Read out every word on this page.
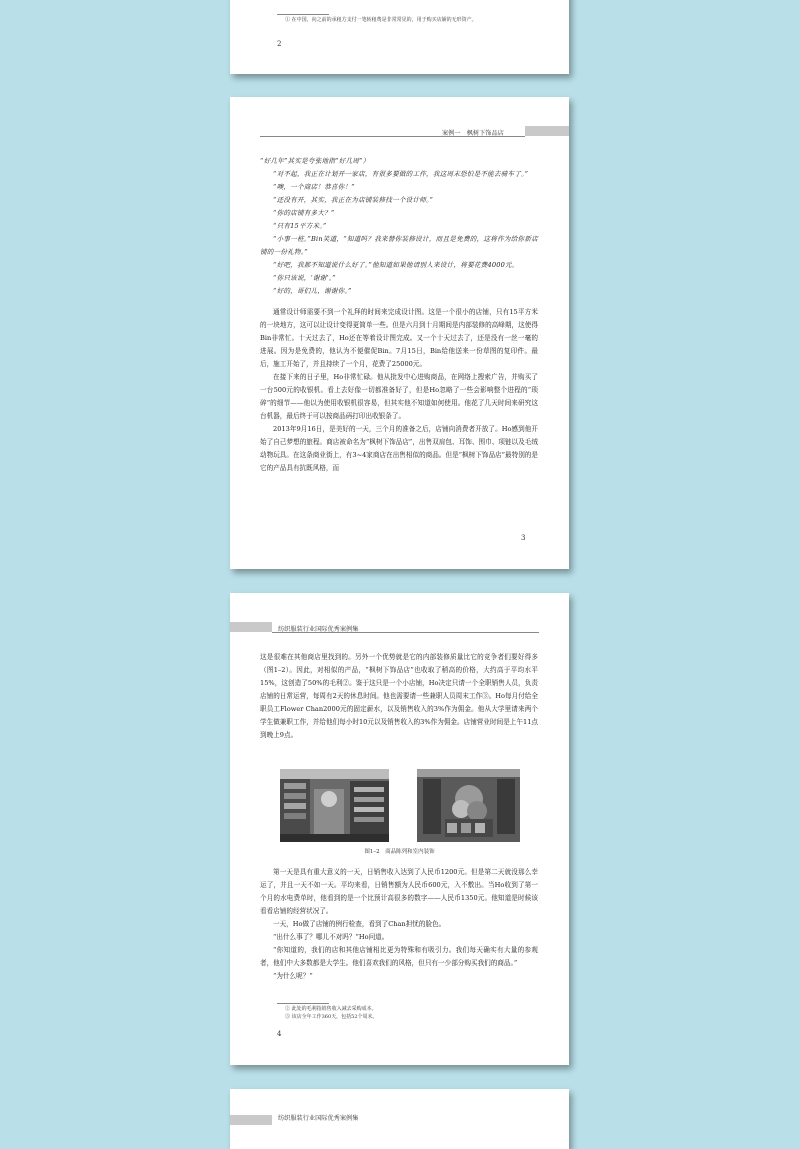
① 在中国，向之前的承租方支付一笔转租费是非常常见的，用于购买店铺的无形资产。
2
案例一　枫树下饰品店

“好几年”其实是夸张地指“好几周”）

“对不起，我正在计划开一家店，有很多要做的工作，我这周末恐怕是不能去骑车了。”

“噢，一个商店！恭喜你！”

“还没有开，其实，我正在为店铺装修找一个设计师。”

“你的店铺有多大？”

“只有15平方米。”

“小事一桩。”Bin笑道，“知道吗？我来替你装修设计，而且是免费的，这将作为给你新店铺的一份礼物。”

“好吧，我都不知道说什么好了。”他知道如果他请别人来设计，将要花费4000元。

“你只该说，‘谢谢’。”

“好的，哥们儿，谢谢你。”

通常设计师需要不到一个礼拜的时间来完成设计图。这是一个很小的店铺，只有15平方米的一块地方，这可以让设计变得更简单一些。但是六月到十月期间是内部装修的高峰期，这使得Bin非常忙。十天过去了，Ho还在等着设计图完成。又一个十天过去了，还是没有一丝一毫的进展。因为是免费的，他认为不便催促Bin。7月15日，Bin给他送来一份草图的复印件。最后，施工开始了，并且持续了一个月，花费了25000元。

在接下来的日子里，Ho非常忙碌。他从批发中心进购商品，在网络上搜索广告，并购买了一台500元的收银机。看上去好像一切都准备好了，但是Ho忽略了一些会影响整个进程的“琐碎”的细节——他以为使用收银机很容易，但其实他不知道如何使用。他花了几天时间来研究这台机器，最后终于可以按商品码打印出收银条了。

2013年9月16日，是美好的一天，三个月的准备之后，店铺向消费者开放了。Ho感到他开始了自己梦想的旅程。商店被命名为“枫树下饰品店”，出售双肩包、耳饰、围巾、项链以及毛绒动物玩具。在这条商业街上，有3~4家商店在出售相似的商品。但是“枫树下饰品店”最特别的是它的产品具有抗既风格，而

3
纺织服装行业国际优秀案例集

这是很难在其他商店里找到的。另外一个优势就是它的内部装修质量比它的竞争者们要好得多（图1–2）。因此，对相似的产品，“枫树下饰品店”也收取了稍高的价格，大约高于平均水平15%，这创造了50%的毛利②。鉴于这只是一个小店铺，Ho决定只请一个全职销售人员，负责店铺的日常运营，每周有2天的休息时间。他也需要请一些兼职人员周末工作③。Ho每月付给全职员工Flower Chan2000元的固定薪水，以及销售收入的3%作为佣金。他从大学里请来两个学生做兼职工作，并给他们每小时10元以及销售收入的3%作为佣金。店铺营业时间是上午11点到晚上9点。

图1–2　商品陈列和室内装饰

第一天是具有重大意义的一天，日销售收入达到了人民币1200元。但是第二天就没那么幸运了，并且一天不如一天。平均来看，日销售额为人民币600元，入不敷出。当Ho收到了第一个月的水电费单时，他看到的是一个比预计高很多的数字——人民币1350元。他知道是时候该看看店铺的经营状况了。

一天，Ho做了店铺的例行检查，看到了Chan担忧的脸色。

“出什么事了？哪儿不对吗？”Ho问道。

“你知道的，我们的店和其他店铺相比更为特殊和有吸引力。我们每天确实有大量的参观者，他们中大多数都是大学生。他们喜欢我们的风格，但只有一少部分购买我们的商品。”

“为什么呢？”

② 此处的毛利指销售收入减去采购成本。
③ 该店全年工作360天，包括52个周末。
4
纺织服装行业国际优秀案例集
